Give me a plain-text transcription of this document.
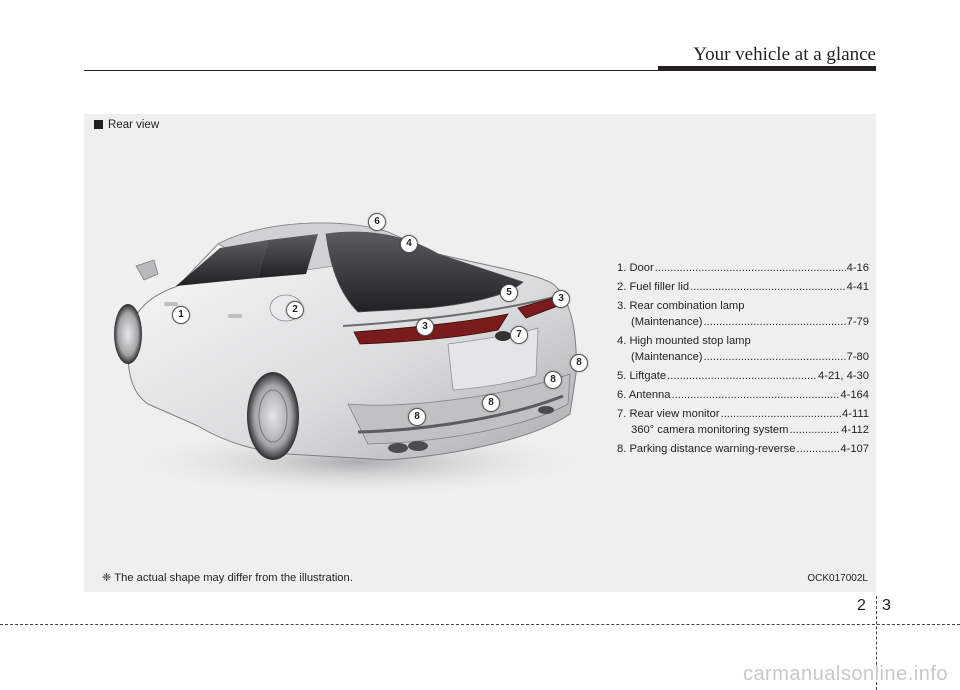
Your vehicle at a glance
Rear view
6
4
5
3
3
7
1	2
8
8
8
8
1. Door .....	4-16
2. Fuel filler lid .....	4-41
3. Rear combination lamp
(Maintenance) .....	7-79
4. High mounted stop lamp
(Maintenance) .....	7-80
5. Liftgate .....	4-21, 4-30
6. Antenna .....	4-164
7. Rear view monitor .....	4-111
360° camera monitoring system .....	4-112
8. Parking distance warning-reverse .....	4-107
❈ The actual shape may differ from the illustration.	OCK017002L
2 3
carmanualsonline.info
